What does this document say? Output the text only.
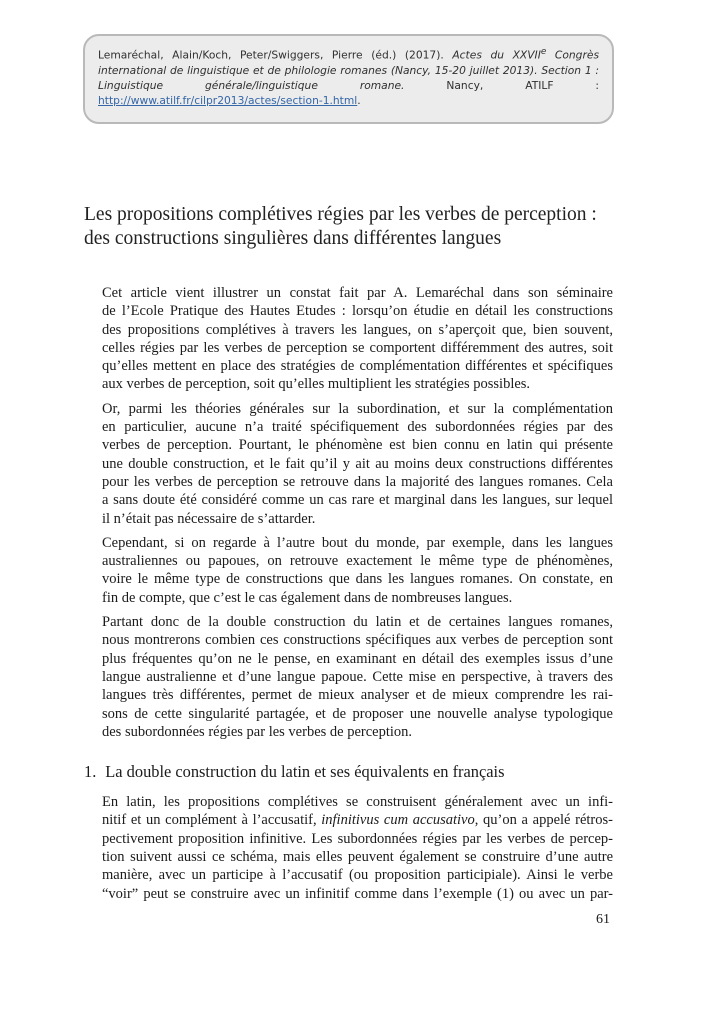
Lemaréchal, Alain/Koch, Peter/Swiggers, Pierre (éd.) (2017). Actes du XXVIIe Congrès

international de linguistique et de philologie romanes (Nancy, 15-20 juillet 2013). Section 1 :

Linguistique générale/linguistique romane. Nancy, ATILF :

http://www.atilf.fr/cilpr2013/actes/section-1.html.

Les propositions complétives régies par les verbes de perception :
des constructions singulières dans différentes langues

Cet article vient illustrer un constat fait par A. Lemaréchal dans son séminaire
de l’Ecole Pratique des Hautes Etudes : lorsqu’on étudie en détail les constructions
des propositions complétives à travers les langues, on s’aperçoit que, bien souvent,
celles régies par les verbes de perception se comportent différemment des autres, soit
qu’elles mettent en place des stratégies de complémentation différentes et spécifiques
aux verbes de perception, soit qu’elles multiplient les stratégies possibles.

Or, parmi les théories générales sur la subordination, et sur la complémentation
en particulier, aucune n’a traité spécifiquement des subordonnées régies par des
verbes de perception. Pourtant, le phénomène est bien connu en latin qui présente
une double construction, et le fait qu’il y ait au moins deux constructions différentes
pour les verbes de perception se retrouve dans la majorité des langues romanes. Cela
a sans doute été considéré comme un cas rare et marginal dans les langues, sur lequel
il n’était pas nécessaire de s’attarder.

Cependant, si on regarde à l’autre bout du monde, par exemple, dans les langues
australiennes ou papoues, on retrouve exactement le même type de phénomènes,
voire le même type de constructions que dans les langues romanes. On constate, en
fin de compte, que c’est le cas également dans de nombreuses langues.

Partant donc de la double construction du latin et de certaines langues romanes,
nous montrerons combien ces constructions spécifiques aux verbes de perception sont
plus fréquentes qu’on ne le pense, en examinant en détail des exemples issus d’une
langue australienne et d’une langue papoue. Cette mise en perspective, à travers des
langues très différentes, permet de mieux analyser et de mieux comprendre les rai-
sons de cette singularité partagée, et de proposer une nouvelle analyse typologique
des subordonnées régies par les verbes de perception.

1. La double construction du latin et ses équivalents en français

En latin, les propositions complétives se construisent généralement avec un infi-
nitif et un complément à l’accusatif, infinitivus cum accusativo, qu’on a appelé rétros-
pectivement proposition infinitive. Les subordonnées régies par les verbes de percep-
tion suivent aussi ce schéma, mais elles peuvent également se construire d’une autre
manière, avec un participe à l’accusatif (ou proposition participiale). Ainsi le verbe
“voir” peut se construire avec un infinitif comme dans l’exemple (1) ou avec un par-

61
